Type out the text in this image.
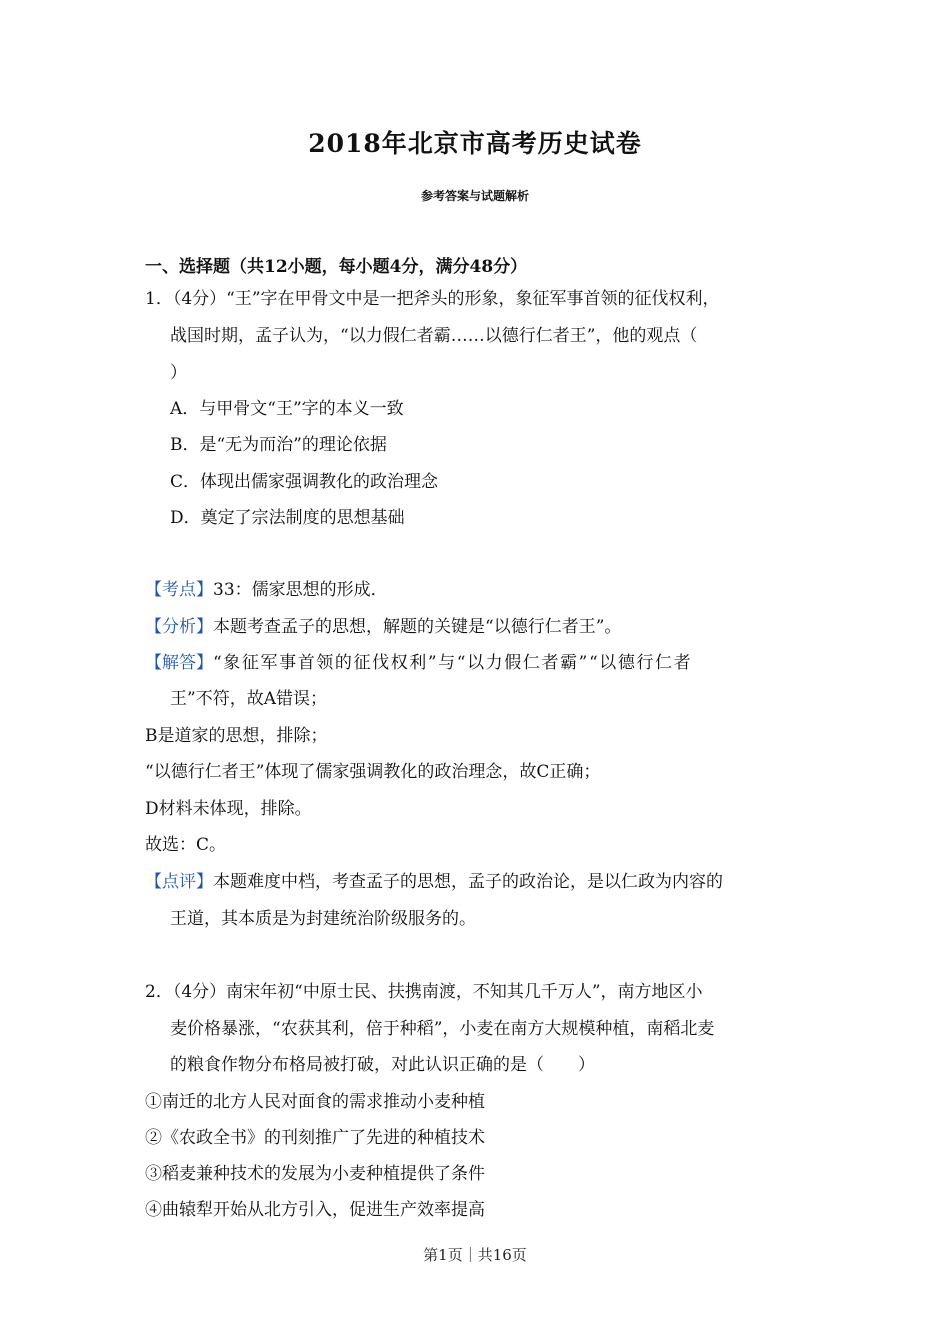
2018年北京市高考历史试卷
参考答案与试题解析
一、选择题（共12小题，每小题4分，满分48分）
1．（4分）“王”字在甲骨文中是一把斧头的形象，象征军事首领的征伐权利，
战国时期，孟子认为，“以力假仁者霸……以德行仁者王”，他的观点（
）
A．与甲骨文“王”字的本义一致
B．是“无为而治”的理论依据
C．体现出儒家强调教化的政治理念
D．奠定了宗法制度的思想基础
【考点】33：儒家思想的形成．
【分析】本题考查孟子的思想，解题的关键是“以德行仁者王”。
【解答】“象征军事首领的征伐权利”与“以力假仁者霸”“以德行仁者
王”不符，故A错误；
B是道家的思想，排除；
“以德行仁者王”体现了儒家强调教化的政治理念，故C正确；
D材料未体现，排除。
故选：C。
【点评】本题难度中档，考查孟子的思想，孟子的政治论，是以仁政为内容的
王道，其本质是为封建统治阶级服务的。
2．（4分）南宋年初“中原士民、扶携南渡，不知其几千万人”，南方地区小
麦价格暴涨，“农获其利，倍于种稻”，小麦在南方大规模种植，南稻北麦
的粮食作物分布格局被打破，对此认识正确的是（　　）
①南迁的北方人民对面食的需求推动小麦种植
②《农政全书》的刊刻推广了先进的种植技术
③稻麦兼种技术的发展为小麦种植提供了条件
④曲辕犁开始从北方引入，促进生产效率提高
第1页｜共16页
